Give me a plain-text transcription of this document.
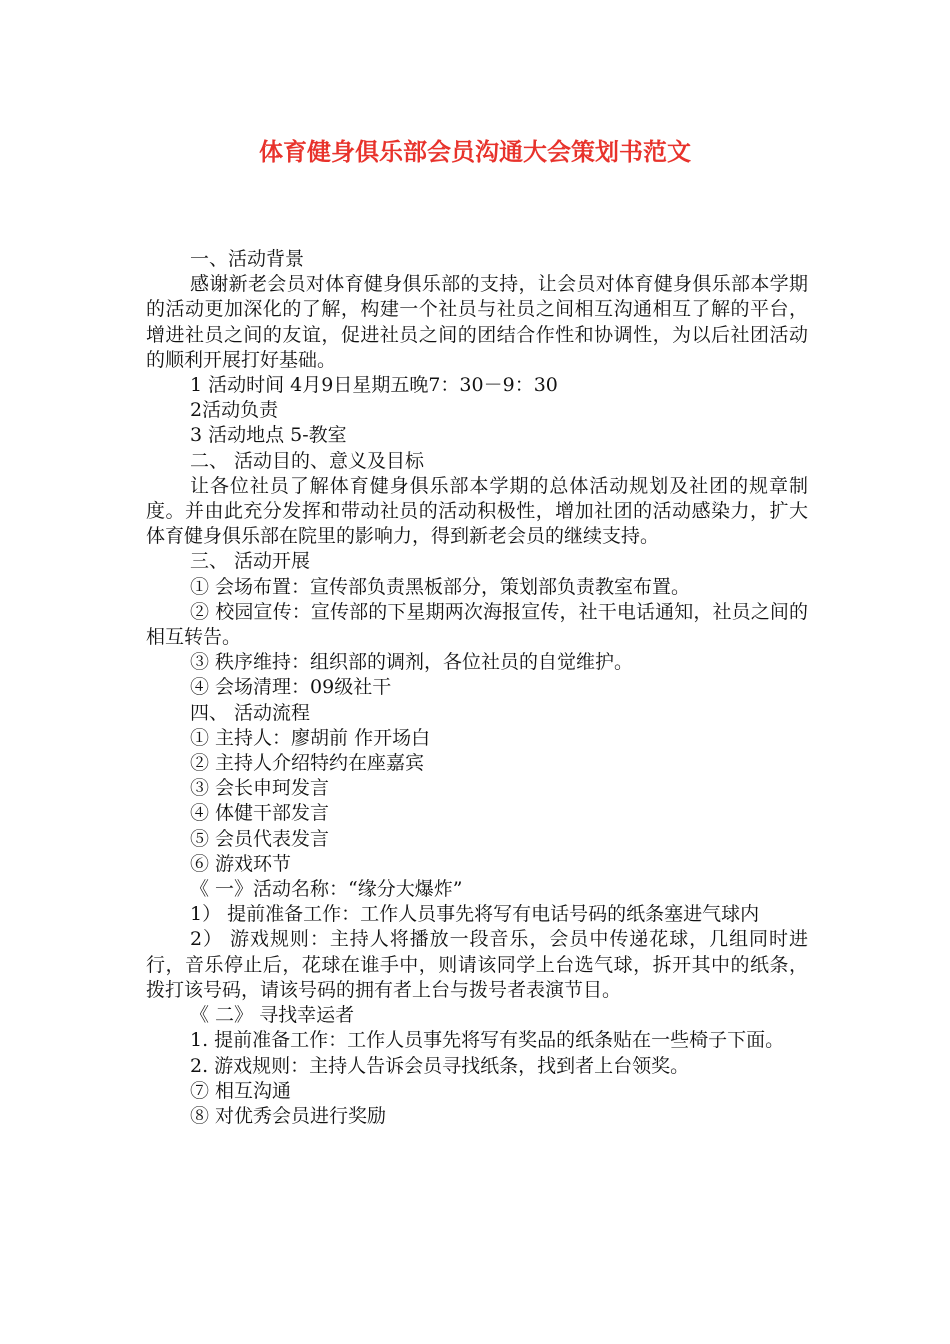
体育健身俱乐部会员沟通大会策划书范文

一、活动背景

感谢新老会员对体育健身俱乐部的支持，让会员对体育健身俱乐部本学期的活动更加深化的了解，构建一个社员与社员之间相互沟通相互了解的平台，增进社员之间的友谊，促进社员之间的团结合作性和协调性，为以后社团活动的顺利开展打好基础。

1 活动时间 4月9日星期五晚7：30－9：30

2活动负责

3 活动地点 5-教室

二、 活动目的、意义及目标

让各位社员了解体育健身俱乐部本学期的总体活动规划及社团的规章制度。并由此充分发挥和带动社员的活动积极性，增加社团的活动感染力，扩大体育健身俱乐部在院里的影响力，得到新老会员的继续支持。

三、 活动开展

① 会场布置：宣传部负责黑板部分，策划部负责教室布置。

② 校园宣传：宣传部的下星期两次海报宣传，社干电话通知，社员之间的相互转告。

③ 秩序维持：组织部的调剂，各位社员的自觉维护。

④ 会场清理：09级社干

四、 活动流程

① 主持人：廖胡前 作开场白

② 主持人介绍特约在座嘉宾

③ 会长申珂发言

④ 体健干部发言

⑤ 会员代表发言

⑥ 游戏环节

《 一》活动名称：“缘分大爆炸”

1） 提前准备工作：工作人员事先将写有电话号码的纸条塞进气球内

2） 游戏规则：主持人将播放一段音乐，会员中传递花球，几组同时进行，音乐停止后，花球在谁手中，则请该同学上台选气球，拆开其中的纸条，拨打该号码，请该号码的拥有者上台与拨号者表演节目。

《 二》 寻找幸运者

1. 提前准备工作：工作人员事先将写有奖品的纸条贴在一些椅子下面。

2. 游戏规则：主持人告诉会员寻找纸条，找到者上台领奖。

⑦ 相互沟通

⑧ 对优秀会员进行奖励
